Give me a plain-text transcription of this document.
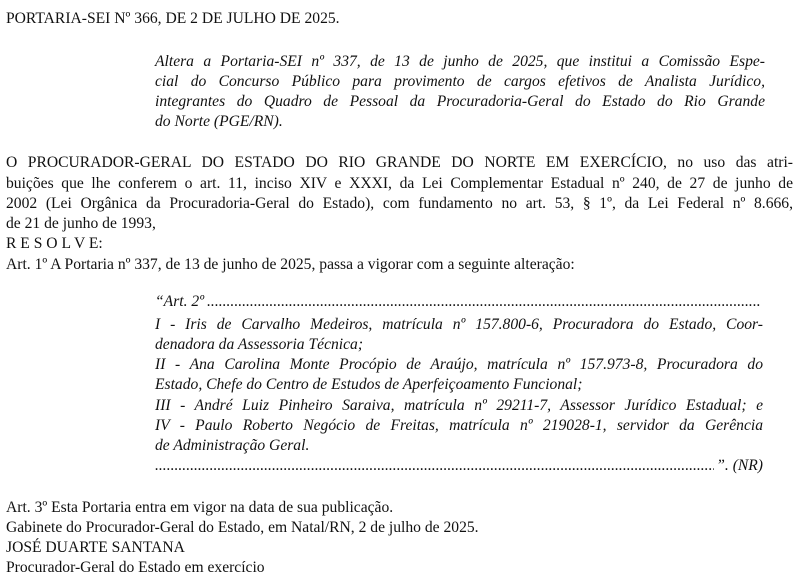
PORTARIA-SEI Nº 366, DE 2 DE JULHO DE 2025.
Altera a Portaria-SEI nº 337, de 13 de junho de 2025, que institui a Comissão Espe-
cial do Concurso Público para provimento de cargos efetivos de Analista Jurídico,
integrantes do Quadro de Pessoal da Procuradoria-Geral do Estado do Rio Grande
do Norte (PGE/RN).
O PROCURADOR-GERAL DO ESTADO DO RIO GRANDE DO NORTE EM EXERCÍCIO, no uso das atri-
buições que lhe conferem o art. 11, inciso XIV e XXXI, da Lei Complementar Estadual nº 240, de 27 de junho de
2002 (Lei Orgânica da Procuradoria-Geral do Estado), com fundamento no art. 53, § 1º, da Lei Federal nº 8.666,
de 21 de junho de 1993,
R E S O L V E:
Art. 1º A Portaria nº 337, de 13 de junho de 2025, passa a vigorar com a seguinte alteração:
“Art. 2º
.....
I - Iris de Carvalho Medeiros, matrícula nº 157.800-6, Procuradora do Estado, Coor-
denadora da Assessoria Técnica;
II - Ana Carolina Monte Procópio de Araújo, matrícula nº 157.973-8, Procuradora do
Estado, Chefe do Centro de Estudos de Aperfeiçoamento Funcional;
III - André Luiz Pinheiro Saraiva, matrícula nº 29211-7, Assessor Jurídico Estadual; e
IV - Paulo Roberto Negócio de Freitas, matrícula nº 219028-1, servidor da Gerência
de Administração Geral.
.....
”. (NR)
Art. 3º Esta Portaria entra em vigor na data de sua publicação.
Gabinete do Procurador-Geral do Estado, em Natal/RN, 2 de julho de 2025.
JOSÉ DUARTE SANTANA
Procurador-Geral do Estado em exercício
